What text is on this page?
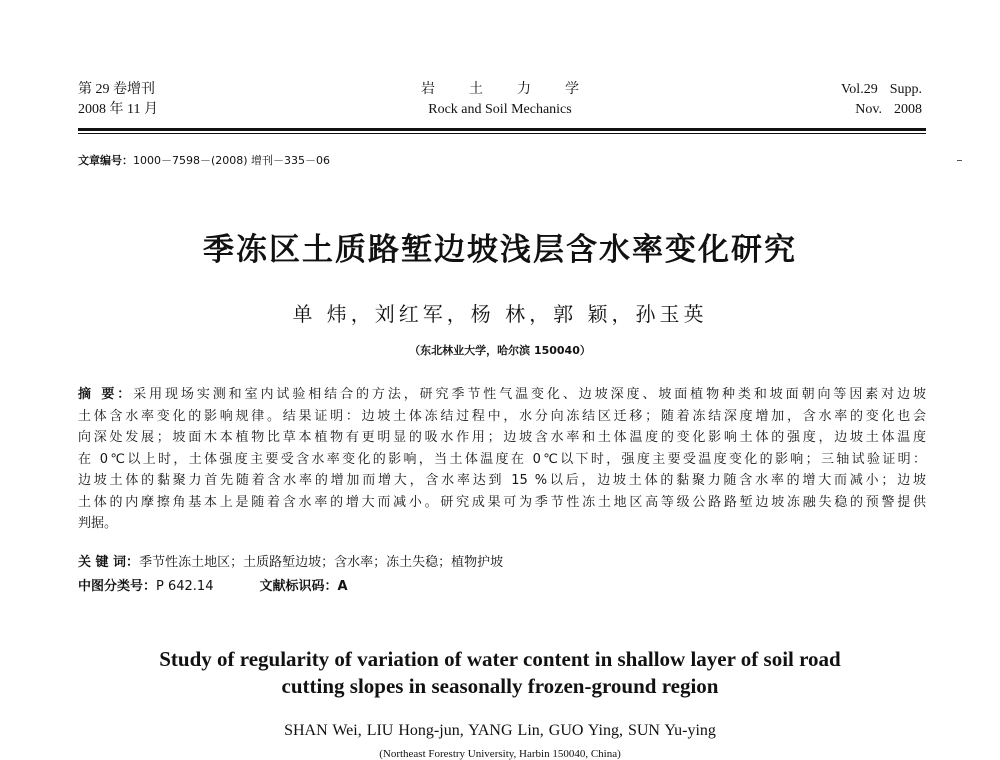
第 29 卷增刊
2008 年 11 月
岩土力学
Rock and Soil Mechanics
Vol.29 Supp.
Nov. 2008
文章编号：1000－7598－(2008) 增刊－335－06
季冻区土质路堑边坡浅层含水率变化研究
单 炜，刘红军，杨 林，郭 颖，孙玉英
（东北林业大学，哈尔滨 150040）
摘 要：采用现场实测和室内试验相结合的方法，研究季节性气温变化、边坡深度、坡面植物种类和坡面朝向等因素对边坡
土体含水率变化的影响规律。结果证明：边坡土体冻结过程中，水分向冻结区迁移；随着冻结深度增加，含水率的变化也会
向深处发展；坡面木本植物比草本植物有更明显的吸水作用；边坡含水率和土体温度的变化影响土体的强度，边坡土体温度
在 0℃以上时，土体强度主要受含水率变化的影响，当土体温度在 0℃以下时，强度主要受温度变化的影响；三轴试验证明：
边坡土体的黏聚力首先随着含水率的增加而增大，含水率达到 15 %以后，边坡土体的黏聚力随含水率的增大而减小；边坡
土体的内摩擦角基本上是随着含水率的增大而减小。研究成果可为季节性冻土地区高等级公路路堑边坡冻融失稳的预警提供
判据。
关 键 词：季节性冻土地区；土质路堑边坡；含水率；冻土失稳；植物护坡
中图分类号：P 642.14	文献标识码：A
Study of regularity of variation of water content in shallow layer of soil road
cutting slopes in seasonally frozen-ground region
SHAN Wei, LIU Hong-jun, YANG Lin, GUO Ying, SUN Yu-ying
(Northeast Forestry University, Harbin 150040, China)
